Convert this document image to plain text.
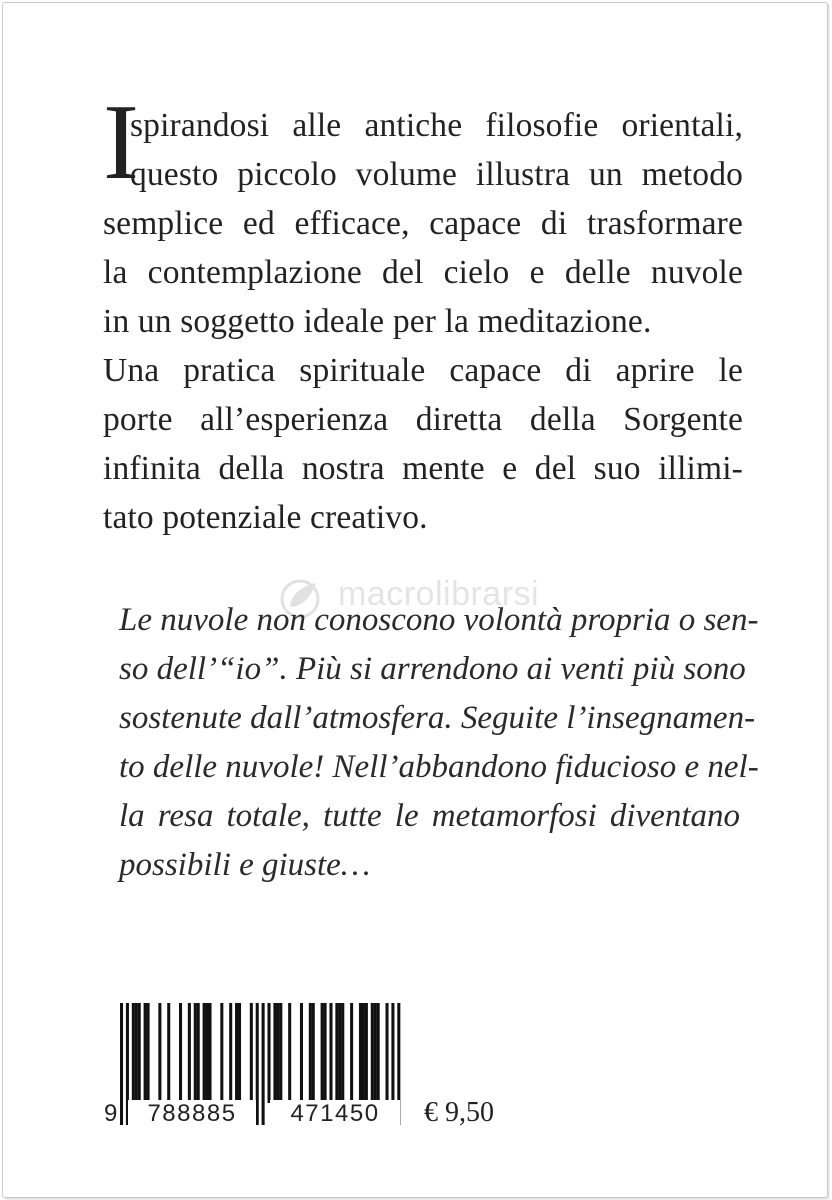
I
spirandosi alle antiche filosofie orientali,
questo piccolo volume illustra un metodo
semplice ed efficace, capace di trasformare
la contemplazione del cielo e delle nuvole
in un soggetto ideale per la meditazione.
Una pratica spirituale capace di aprire le
porte all’esperienza diretta della Sorgente
infinita della nostra mente e del suo illimi-
tato potenziale creativo.
macrolibrarsi
Le nuvole non conoscono volontà propria o sen-
so dell’“io”. Più si arrendono ai venti più sono
sostenute dall’atmosfera. Seguite l’insegnamen-
to delle nuvole! Nell’abbandono fiducioso e nel-
la resa totale, tutte le metamorfosi diventano
possibili e giuste…
9	788885	471450	€ 9,50
